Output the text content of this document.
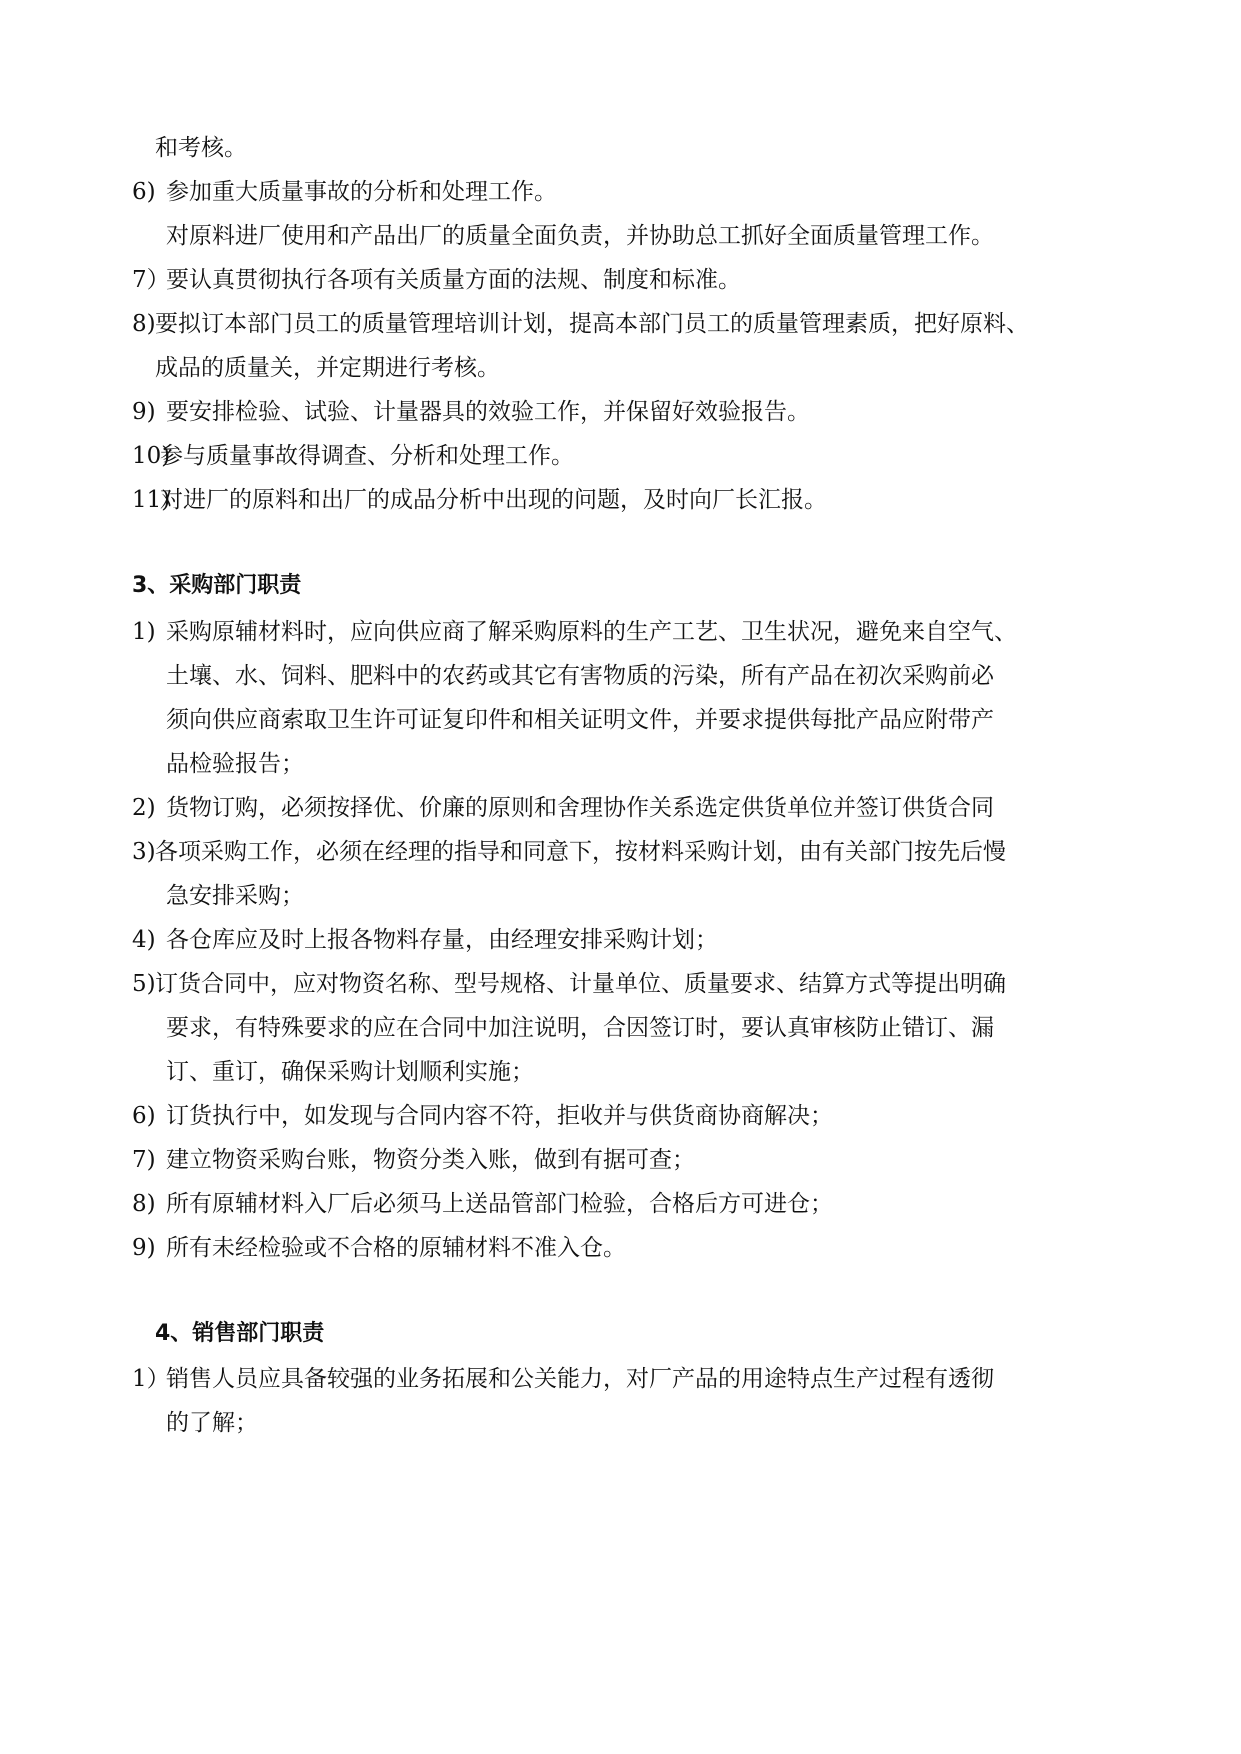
和考核。
6) 参加重大质量事故的分析和处理工作。
对原料进厂使用和产品出厂的质量全面负责，并协助总工抓好全面质量管理工作。
7）
要认真贯彻执行各项有关质量方面的法规、制度和标准。
8) 要拟订本部门员工的质量管理培训计划，提高本部门员工的质量管理素质，把好原料、
成品的质量关，并定期进行考核。
9) 要安排检验、试验、计量器具的效验工作，并保留好效验报告。
10)
参与质量事故得调查、分析和处理工作。
11)
对进厂的原料和出厂的成品分析中出现的问题，及时向厂长汇报。
3、采购部门职责
1) 采购原辅材料时，应向供应商了解采购原料的生产工艺、卫生状况，避免来自空气、
土壤、水、饲料、肥料中的农药或其它有害物质的污染，所有产品在初次采购前必
须向供应商索取卫生许可证复印件和相关证明文件，并要求提供每批产品应附带产
品检验报告；
2) 货物订购，必须按择优、价廉的原则和舍理协作关系选定供货单位并签订供货合同
3) 各项采购工作，必须在经理的指导和同意下，按材料采购计划，由有关部门按先后慢
急安排采购；
4) 各仓库应及时上报各物料存量，由经理安排采购计划；
5) 订货合同中，应对物资名称、型号规格、计量单位、质量要求、结算方式等提出明确
要求，有特殊要求的应在合同中加注说明，合因签订时，要认真审核防止错订、漏
订、重订，确保采购计划顺利实施；
6) 订货执行中，如发现与合同内容不符，拒收并与供货商协商解决；
7) 建立物资采购台账，物资分类入账，做到有据可查；
8) 所有原辅材料入厂后必须马上送品管部门检验，合格后方可进仓；
9) 所有未经检验或不合格的原辅材料不准入仓。
4、销售部门职责
1）
销售人员应具备较强的业务拓展和公关能力，对厂产品的用途特点生产过程有透彻
的了解；
